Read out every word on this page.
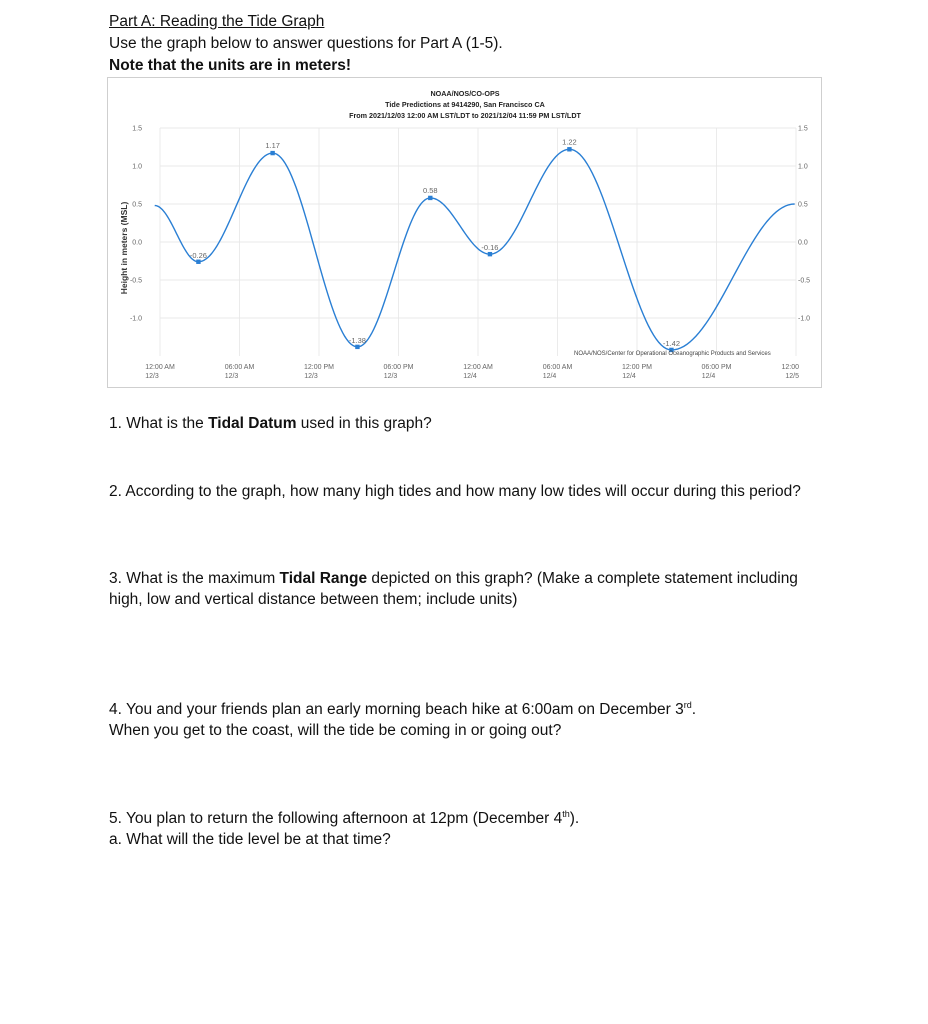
Part A: Reading the Tide Graph
Use the graph below to answer questions for Part A (1-5).
Note that the units are in meters!
NOAA/NOS/CO-OPS
Tide Predictions at 9414290, San Francisco CA
From 2021/12/03 12:00 AM LST/LDT to 2021/12/04 11:59 PM LST/LDT
Height in meters (MSL)
1.5	1.5
1.0	1.0
0.5	0.5
0.0	0.0
-0.5	-0.5
-1.0	-1.0
12:00 AM
12/3
06:00 AM
12/3
12:00 PM
12/3
06:00 PM
12/3
12:00 AM
12/4
06:00 AM
12/4
12:00 PM
12/4
06:00 PM
12/4
12:00
12/5
-0.26
1.17
-1.38
0.58
-0.16
1.22
-1.42
NOAA/NOS/Center for Operational Oceanographic Products and Services
1. What is the Tidal Datum used in this graph?
2. According to the graph, how many high tides and how many low tides will occur during this period?
3. What is the maximum Tidal Range depicted on this graph? (Make a complete statement including
high, low and vertical distance between them; include units)
4. You and your friends plan an early morning beach hike at 6:00am on December 3rd.
When you get to the coast, will the tide be coming in or going out?
5. You plan to return the following afternoon at 12pm (December 4th).
a. What will the tide level be at that time?
